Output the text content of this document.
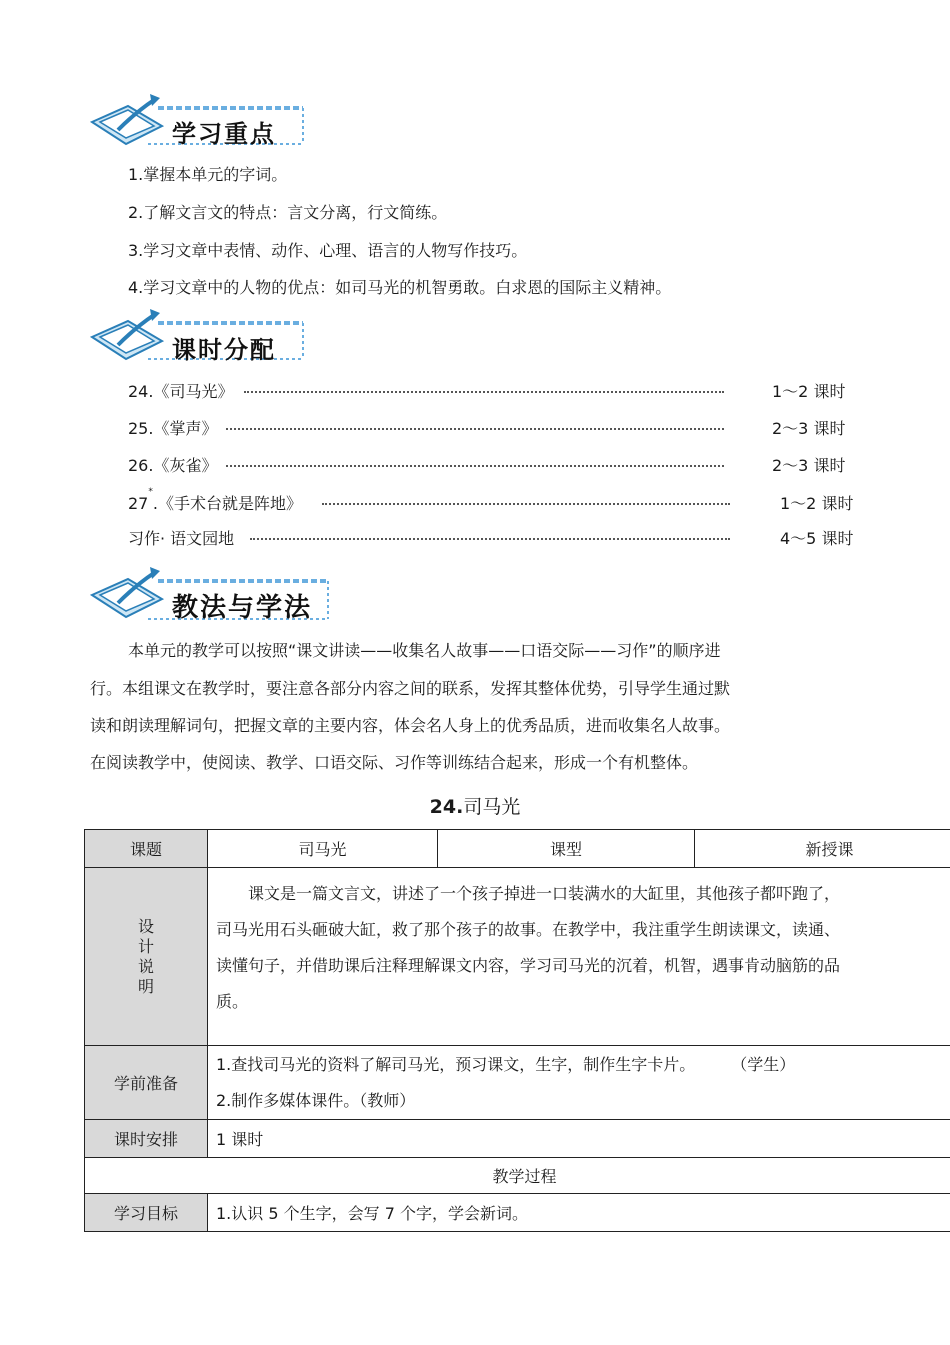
学习重点
1.掌握本单元的字词。
2.了解文言文的特点：言文分离，行文简练。
3.学习文章中表情、动作、心理、语言的人物写作技巧。
4.学习文章中的人物的优点：如司马光的机智勇敢。白求恩的国际主义精神。
课时分配
24.《司马光》	1～2 课时
25.《掌声》	2～3 课时
26.《灰雀》	2～3 课时
27*.《手术台就是阵地》	1～2 课时
习作· 语文园地	4～5 课时
教法与学法
本单元的教学可以按照“课文讲读——收集名人故事——口语交际——习作”的顺序进
行。本组课文在教学时，要注意各部分内容之间的联系，发挥其整体优势，引导学生通过默
读和朗读理解词句，把握文章的主要内容，体会名人身上的优秀品质，进而收集名人故事。
在阅读教学中，使阅读、教学、口语交际、习作等训练结合起来，形成一个有机整体。
24.司马光
课题	司马光	课型	新授课
设计说明	　　课文是一篇文言文，讲述了一个孩子掉进一口装满水的大缸里，其他孩子都吓跑了，
司马光用石头砸破大缸，救了那个孩子的故事。在教学中，我注重学生朗读课文，读通、
读懂句子，并借助课后注释理解课文内容，学习司马光的沉着，机智，遇事肯动脑筋的品
质。		

学前准备	1.查找司马光的资料了解司马光，预习课文，生字，制作生字卡片。 （学生）
2.制作多媒体课件。（教师）		

课时安排	1 课时		
教学过程			
学习目标	1.认识 5 个生字，会写 7 个字，学会新词。		
